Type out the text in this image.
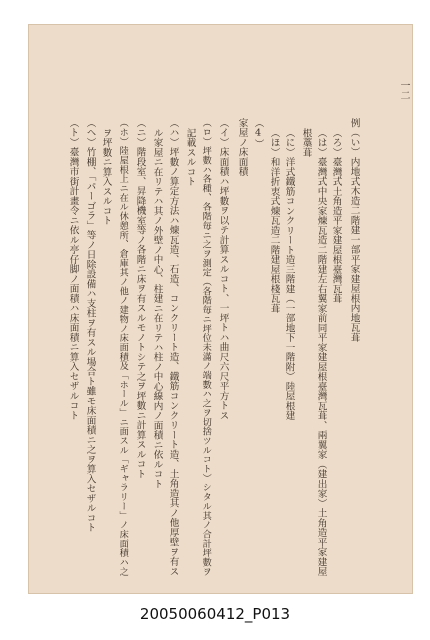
一二
例（い）内地式木造二階建一部平家建屋根内地瓦葺
（ろ）臺灣式土角造平家建屋根臺灣瓦葺
（は）臺灣式中央家煉瓦造二階建左右翼家前同平家建屋根臺灣瓦葺、兩翼家（建出家）土角造平家建屋
根藁葺
（に）洋式鐵筋コンクリート造三階建（一部地下一階附）陸屋根建
（ほ）和洋折衷式煉瓦造二階建屋根棧瓦葺
（4）
家屋ノ床面積
（イ）床面積ハ坪數ヲ以テ計算スルコト、一坪トハ曲尺六尺平方トス
（ロ）坪數ハ各種、各階毎ニ之ヲ測定（各階毎ニ坪位未滿ノ端數ハ之ヲ切捨ツルコト）シタル其ノ合計坪數ヲ
記載スルコト
（ハ）坪數ノ算定方法ハ煉瓦造、石造、コンクリート造、鐵筋コンクリート造、土角造其ノ他厚壁ヲ有ス
ル家屋ニ在リテハ其ノ外壁ノ中心、柱建ニ在リテハ柱ノ中心線内ノ面積ニ依ルコト
（ニ）階段室、昇降機室等ノ各階ニ床ヲ有スルモノトシテ之ヲ坪數ニ計算スルコト
（ホ）陸屋根上ニ在ル休憩所、倉庫其ノ他ノ建物ノ床面積及「ホール」ニ面スル「ギャラリー」ノ床面積ハ之
ヲ坪數ニ算入スルコト
（ヘ）竹棚、「パーゴラ」等ノ日除設備ハ支柱ヲ有スル場合ト雖モ床面積ニ之ヲ算入セザルコト
（ト）臺灣市街計畫令ニ依ル亭仔脚ノ面積ハ床面積ニ算入セザルコト
20050060412_P013
